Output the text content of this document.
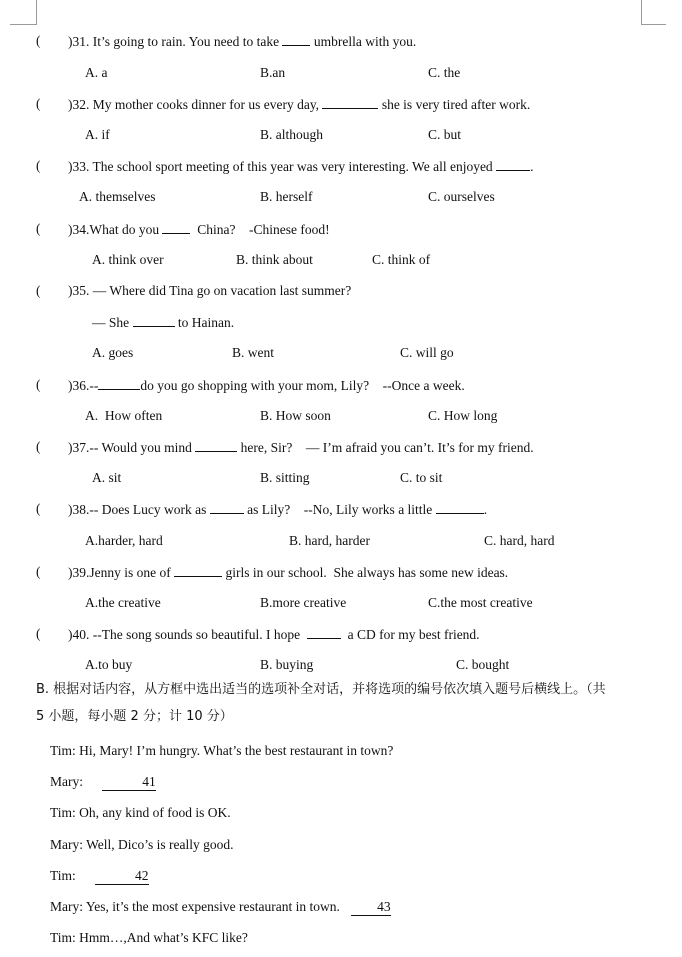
( )31. It’s going to rain. You need to take  umbrella with you.
A. a	B.an	C. the
( )32. My mother cooks dinner for us every day,	she is very tired after work.
A. if	B. although	C. but
( )33. The school sport meeting of this year was very interesting. We all enjoyed	.
A. themselves	B. herself	C. ourselves
( )34.What do you   China?    -Chinese food!
A. think over	B. think about	C. think of
( )35. — Where did Tina go on vacation last summer?
— She	to Hainan.
A. goes	B. went	C. will go
( )36.--	do you go shopping with your mom, Lily?    --Once a week.
A.  How often	B. How soon	C. How long
( )37.-- Would you mind	here, Sir?    — I’m afraid you can’t. It’s for my friend.
A. sit	B. sitting	C. to sit
( )38.-- Does Lucy work as	as Lily?    --No, Lily works a little	.
A.harder, hard	B. hard, harder	C. hard, hard
( )39.Jenny is one of	girls in our school.  She always has some new ideas.
A.the creative	B.more creative	C.the most creative
( )40. --The song sounds so beautiful. I hope	a CD for my best friend.
A.to buy	B. buying	C. bought
B. 根据对话内容，从方框中选出适当的选项补全对话，并将选项的编号依次填入题号后横线上。（共
5 小题，每小题 2 分；计 10 分）
Tim: Hi, Mary! I’m hungry. What’s the best restaurant in town?
Mary:	41
Tim: Oh, any kind of food is OK.
Mary: Well, Dico’s is really good.
Tim:	42
Mary: Yes, it’s the most expensive restaurant in town.  43
Tim: Hmm…,And what’s KFC like?
